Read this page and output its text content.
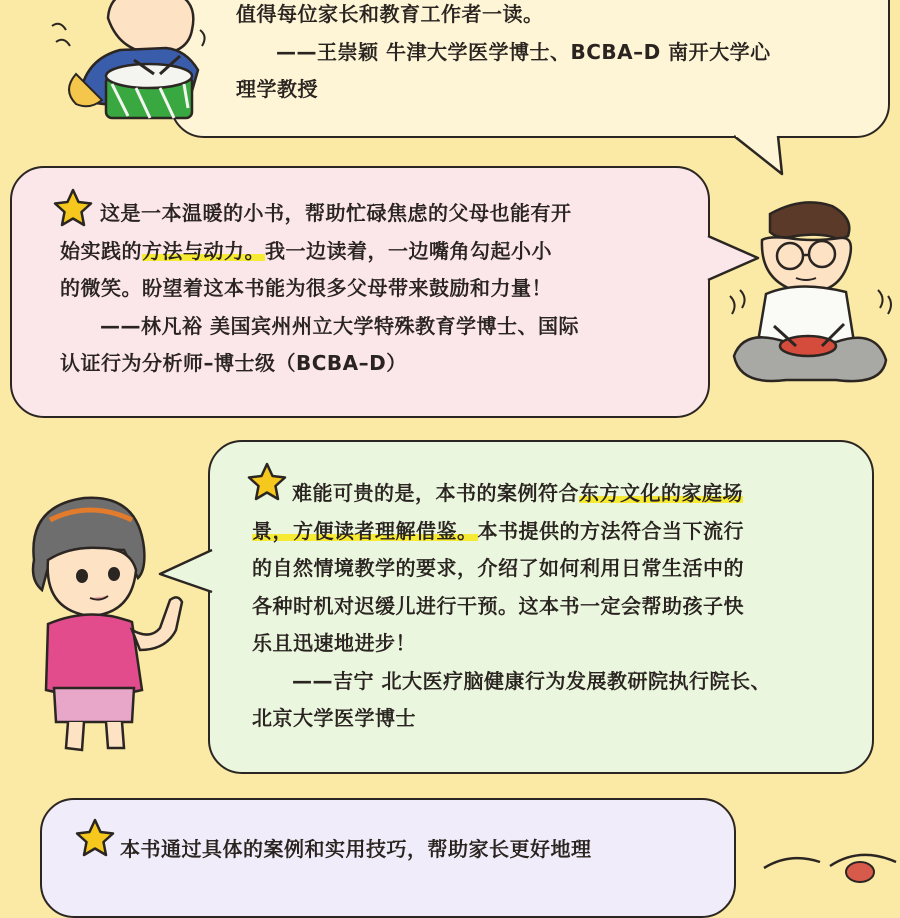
值得每位家长和教育工作者一读。
——王崇颖 牛津大学医学博士、BCBA–D 南开大学心
理学教授
这是一本温暖的小书，帮助忙碌焦虑的父母也能有开
始实践的方法与动力。我一边读着，一边嘴角勾起小小
的微笑。盼望着这本书能为很多父母带来鼓励和力量！
——林凡裕 美国宾州州立大学特殊教育学博士、国际
认证行为分析师–博士级（BCBA–D）
难能可贵的是，本书的案例符合东方文化的家庭场
景，方便读者理解借鉴。本书提供的方法符合当下流行
的自然情境教学的要求，介绍了如何利用日常生活中的
各种时机对迟缓儿进行干预。这本书一定会帮助孩子快
乐且迅速地进步！
——吉宁 北大医疗脑健康行为发展教研院执行院长、
北京大学医学博士
本书通过具体的案例和实用技巧，帮助家长更好地理
